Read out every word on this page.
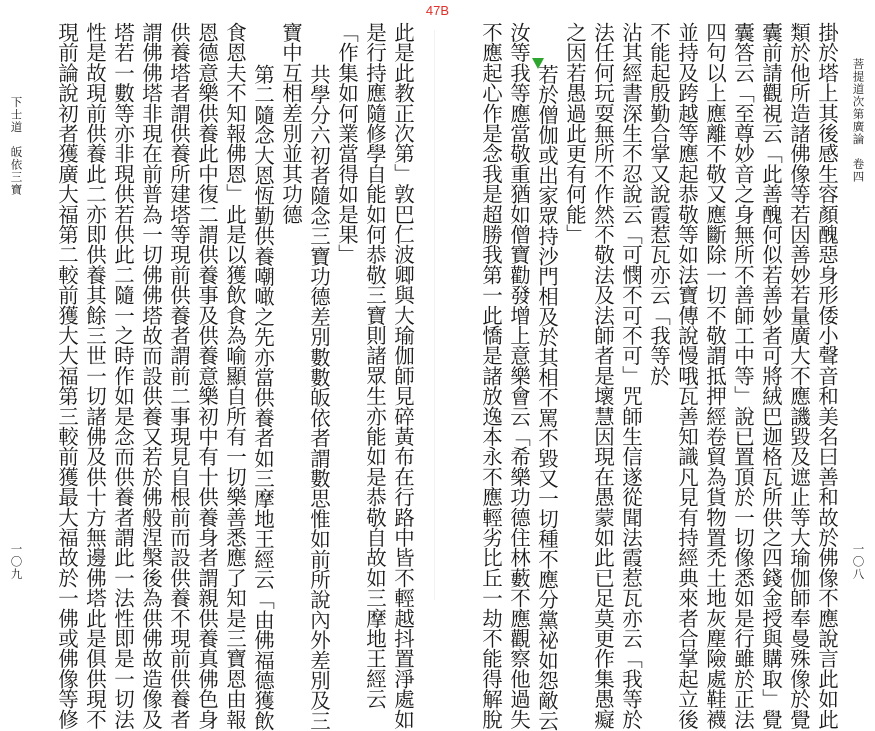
47B
菩提道次第廣論　卷四
一〇八
掛於塔上其後感生容顏醜惡身形倭小聲音和美名曰善和故於佛像不應說言此如此
類於他所造諸佛像等若因善妙若量廣大不應譏毀及遮止等大瑜伽師奉曼殊像於覺
囊前請觀視云「此善醜何似若善妙者可將絨巴迦格瓦所供之四錢金授與購取」覺
囊答云「至尊妙音之身無所不善師工中等」說已置頂於一切像悉如是行雖於正法
四句以上應離不敬又應斷除一切不敬謂抵押經卷貿為貨物置禿土地灰塵險處鞋襪
並持及跨越等應起恭敬等如法寶傳說慢哦瓦善知識凡見有持經典來者合掌起立後
不能起殷勤合掌又說霞惹瓦亦云「我等於
沾其經書深生不忍說云「可憫不可不可」咒師生信遂從聞法霞惹瓦亦云「我等於
法任何玩耍無所不作然不敬法及法師者是壞慧因現在愚蒙如此已足莫更作集愚癡
之因若愚過此更有何能」
若於僧伽或出家眾持沙門相及於其相不罵不毀又一切種不應分黨祕如怨敵云
汝等我等應當敬重猶如僧寶勸發增上意樂會云「希樂功德住林藪不應觀察他過失
不應起心作是念我是超勝我第一此憍是諸放逸本永不應輕劣比丘一劫不能得解脫
此是此教正次第」敦巴仁波卿與大瑜伽師見碎黃布在行路中皆不輕越抖置淨處如
是行持應隨修學自能如何恭敬三寶則諸眾生亦能如是恭敬自故如三摩地王經云
「作集如何業當得如是果」
共學分六初者隨念三寶功德差別數數皈依者謂數思惟如前所說內外差別及三
寶中互相差別並其功德
第二隨念大恩恆勤供養嘲噉之先亦當供養者如三摩地王經云「由佛福德獲飲
食恩夫不知報佛恩」此是以獲飲食為喻顯自所有一切樂善悉應了知是三寶恩由報
恩德意樂供養此中復二謂供養事及供養意樂初中有十供養身者謂親供養真佛色身
供養塔者謂供養所建塔等現前供養者謂前二事現見自根前而設供養不現前供養者
謂佛佛塔非現在前普為一切佛佛塔故而設供養又若於佛般涅槃後為供佛故造像及
塔若一數等亦非現供若供此二隨一之時作如是念而供養者謂此一法性即是一切法
性是故現前供養此二亦即供養其餘三世一切諸佛及供十方無邊佛塔此是俱供現不
現前論說初者獲廣大福第二較前獲大大福第三較前獲最大福故於一佛或佛像等修
下士道　皈依三寶
一〇九
